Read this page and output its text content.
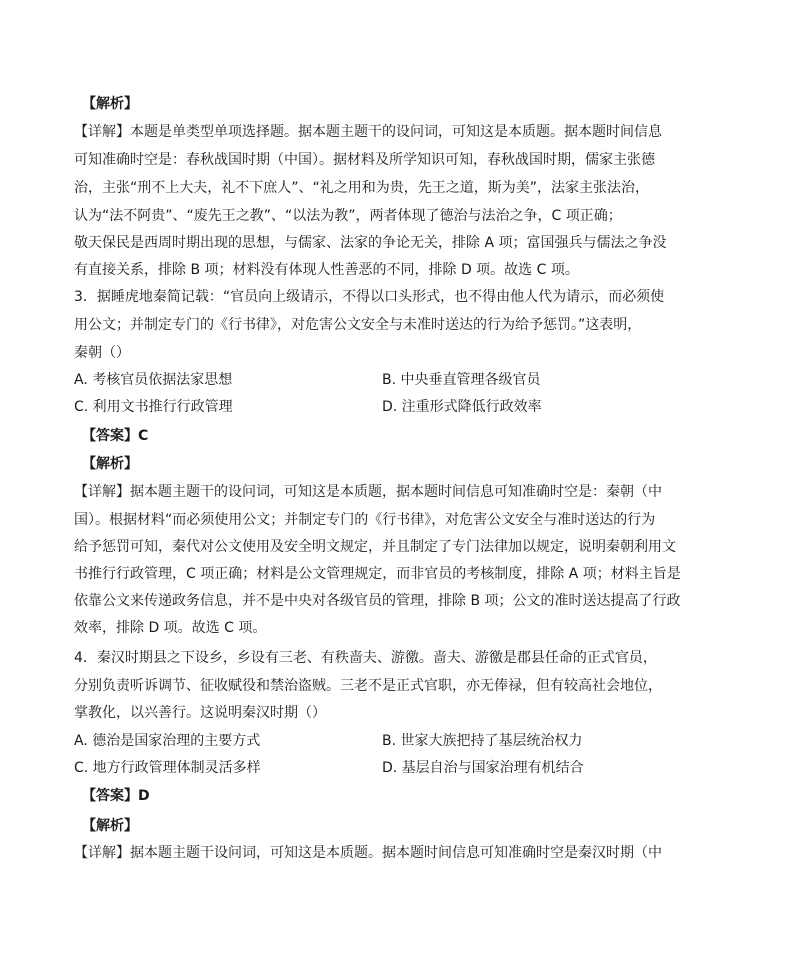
【解析】
【详解】本题是单类型单项选择题。据本题主题干的设问词，可知这是本质题。据本题时间信息
可知准确时空是：春秋战国时期（中国）。据材料及所学知识可知，春秋战国时期，儒家主张德
治，主张“刑不上大夫，礼不下庶人”、“礼之用和为贵，先王之道，斯为美”，法家主张法治，
认为“法不阿贵”、“废先王之教”、“以法为教”，两者体现了德治与法治之争，C 项正确；
敬天保民是西周时期出现的思想，与儒家、法家的争论无关，排除 A 项；富国强兵与儒法之争没
有直接关系，排除 B 项；材料没有体现人性善恶的不同，排除 D 项。故选 C 项。
3．据睡虎地秦简记载：“官员向上级请示，不得以口头形式，也不得由他人代为请示，而必须使
用公文；并制定专门的《行书律》，对危害公文安全与未准时送达的行为给予惩罚。”这表明，
秦朝（）
A. 考核官员依据法家思想	B. 中央垂直管理各级官员
C. 利用文书推行行政管理	D. 注重形式降低行政效率
【答案】C
【解析】
【详解】据本题主题干的设问词，可知这是本质题，据本题时间信息可知准确时空是：秦朝（中
国）。根据材料“而必须使用公文；并制定专门的《行书律》，对危害公文安全与准时送达的行为
给予惩罚可知，秦代对公文使用及安全明文规定，并且制定了专门法律加以规定，说明秦朝利用文
书推行行政管理，C 项正确；材料是公文管理规定，而非官员的考核制度，排除 A 项；材料主旨是
依靠公文来传递政务信息，并不是中央对各级官员的管理，排除 B 项；公文的准时送达提高了行政
效率，排除 D 项。故选 C 项。
4．秦汉时期县之下设乡，乡设有三老、有秩啬夫、游徼。啬夫、游徼是郡县任命的正式官员，
分别负责听诉调节、征收赋役和禁治盗贼。三老不是正式官职，亦无俸禄，但有较高社会地位，
掌教化，以兴善行。这说明秦汉时期（）
A. 德治是国家治理的主要方式	B. 世家大族把持了基层统治权力
C. 地方行政管理体制灵活多样	D. 基层自治与国家治理有机结合
【答案】D
【解析】
【详解】据本题主题干设问词，可知这是本质题。据本题时间信息可知准确时空是秦汉时期（中
